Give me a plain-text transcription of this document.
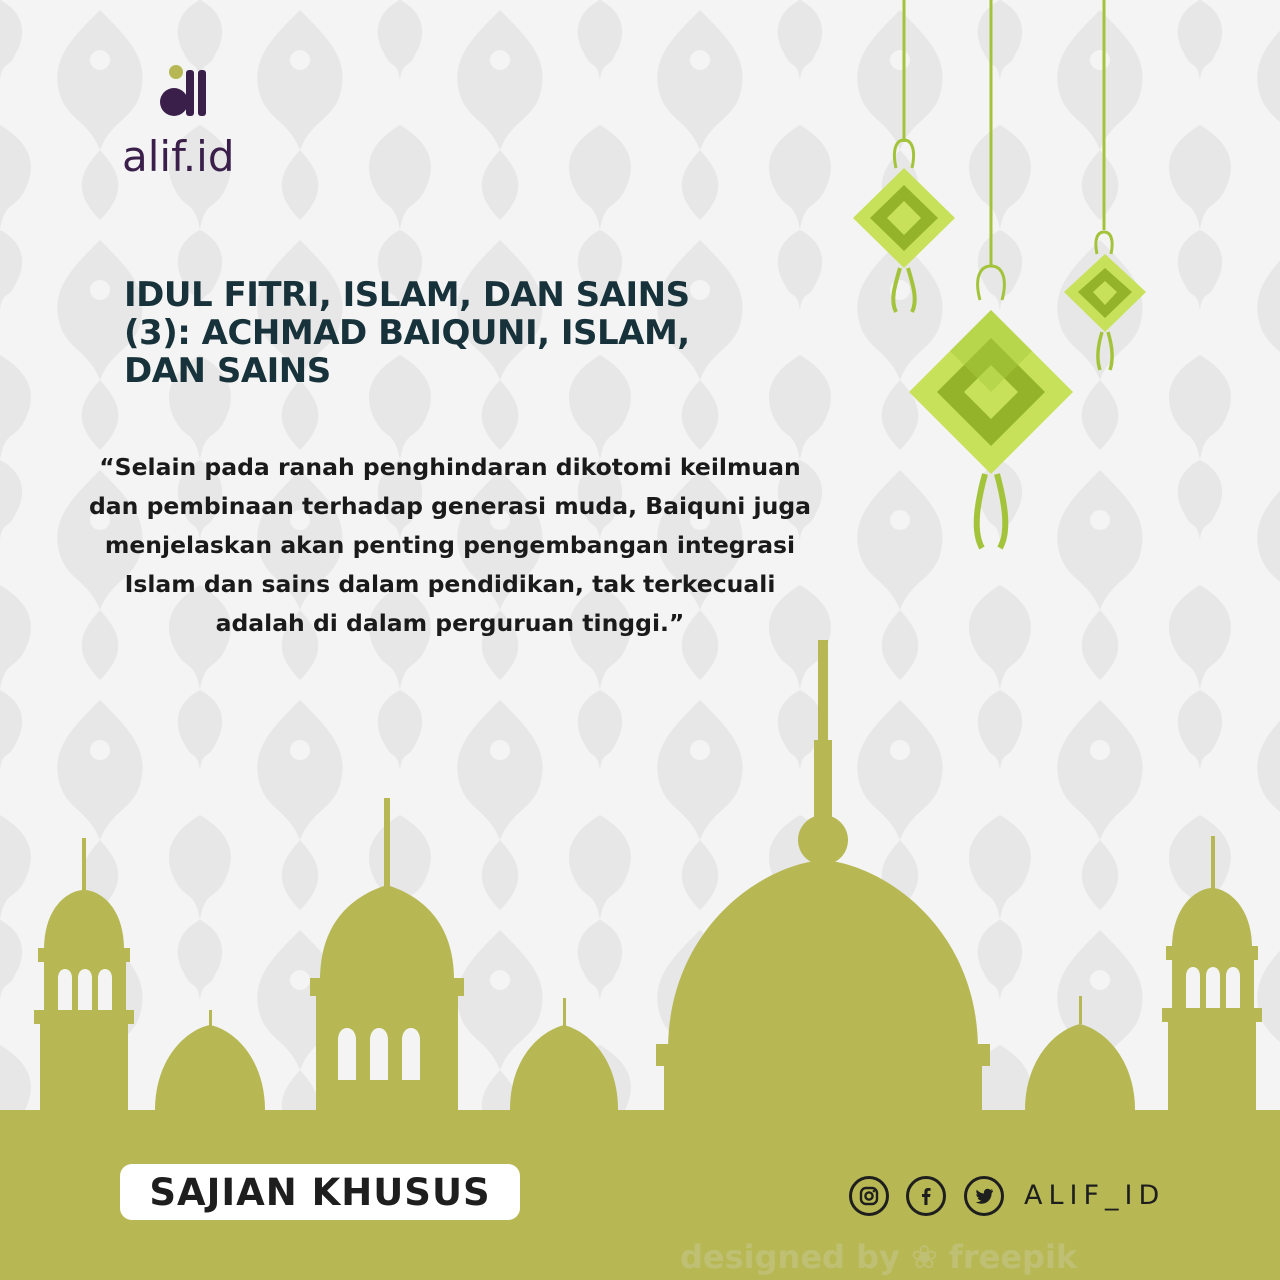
alif.id
IDUL FITRI, ISLAM, DAN SAINS (3): ACHMAD BAIQUNI, ISLAM, DAN SAINS

“Selain pada ranah penghindaran dikotomi keilmuan dan pembinaan terhadap generasi muda, Baiquni juga menjelaskan akan penting pengembangan integrasi Islam dan sains dalam pendidikan, tak terkecuali adalah di dalam perguruan tinggi.”

SAJIAN KHUSUS	ALIF_ID
designed by ❀ freepik
